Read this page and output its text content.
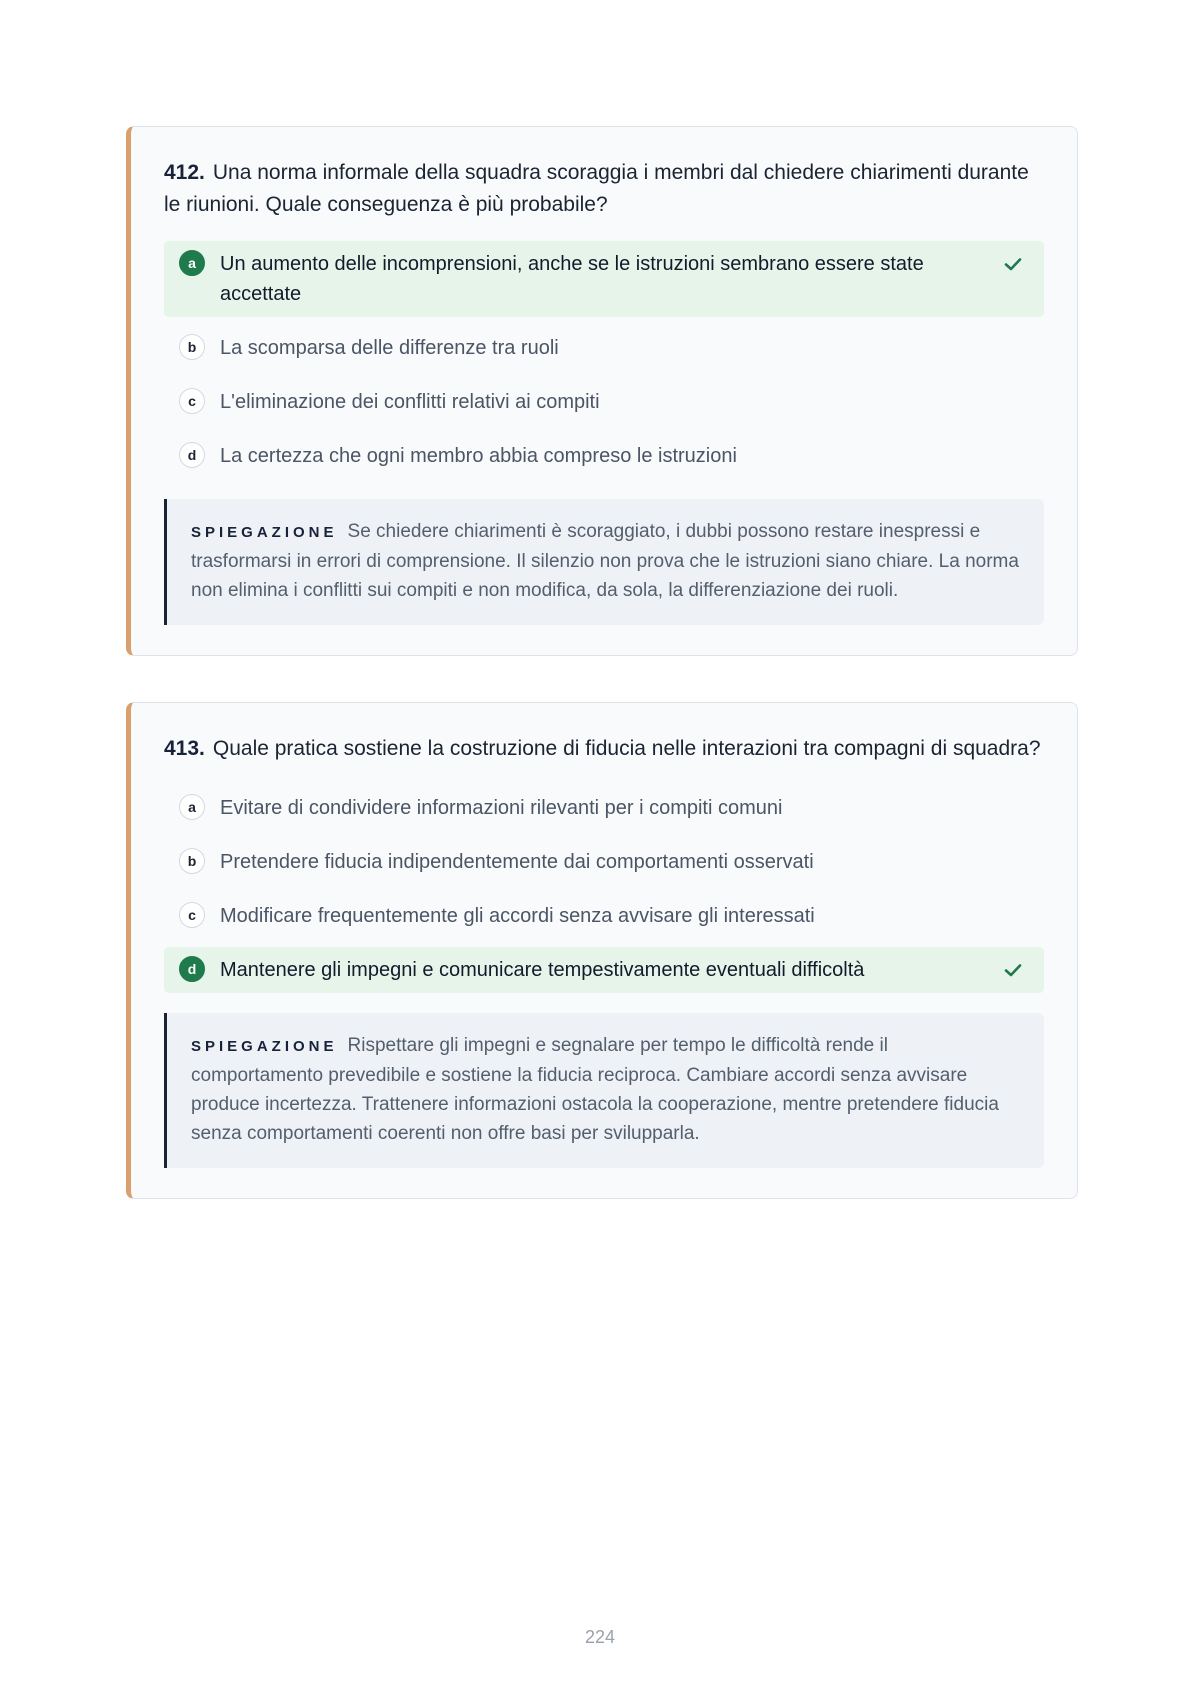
412. Una norma informale della squadra scoraggia i membri dal chiedere chiarimenti durante le riunioni. Quale conseguenza è più probabile?

a	Un aumento delle incomprensioni, anche se le istruzioni sembrano essere state accettate
b	La scomparsa delle differenze tra ruoli
c	L'eliminazione dei conflitti relativi ai compiti
d	La certezza che ogni membro abbia compreso le istruzioni
SPIEGAZIONE Se chiedere chiarimenti è scoraggiato, i dubbi possono restare inespressi e trasformarsi in errori di comprensione. Il silenzio non prova che le istruzioni siano chiare. La norma non elimina i conflitti sui compiti e non modifica, da sola, la differenziazione dei ruoli.

413. Quale pratica sostiene la costruzione di fiducia nelle interazioni tra compagni di squadra?

a	Evitare di condividere informazioni rilevanti per i compiti comuni
b	Pretendere fiducia indipendentemente dai comportamenti osservati
c	Modificare frequentemente gli accordi senza avvisare gli interessati
d	Mantenere gli impegni e comunicare tempestivamente eventuali difficoltà
SPIEGAZIONE Rispettare gli impegni e segnalare per tempo le difficoltà rende il comportamento prevedibile e sostiene la fiducia reciproca. Cambiare accordi senza avvisare produce incertezza. Trattenere informazioni ostacola la cooperazione, mentre pretendere fiducia senza comportamenti coerenti non offre basi per svilupparla.
224
